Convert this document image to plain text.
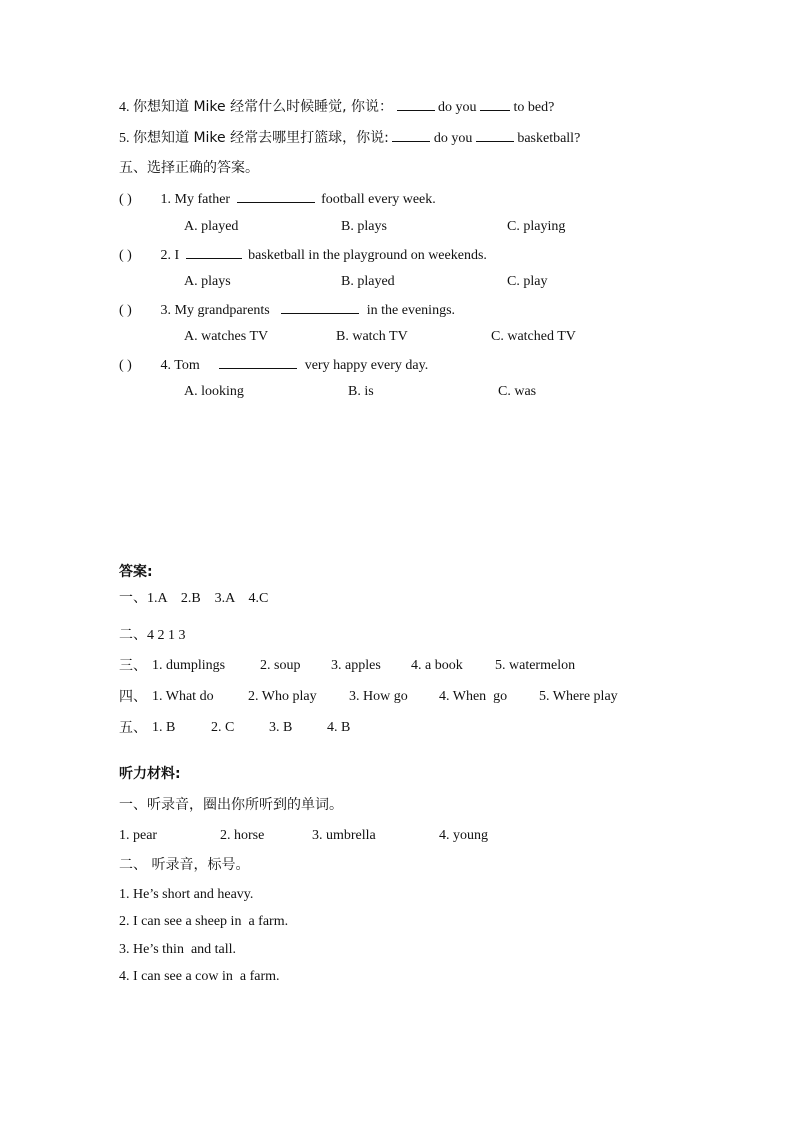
4. 你想知道 Mike 经常什么时候睡觉, 你说：	do you	to bed?
5. 你想知道 Mike 经常去哪里打篮球，你说:	do you	basketball?
五、选择正确的答案。
( ) 1. My father	football every week.
A. played	B. plays	C. playing
( ) 2. I	basketball in the playground on weekends.
A. plays	B. played	C. play
( ) 3. My grandparents	in the evenings.
A. watches TV	B. watch TV	C. watched TV
( ) 4. Tom	very happy every day.
A. looking	B. is	C. was
答案:
一、1.A    2.B    3.A    4.C
二、4 2 1 3
三、 1. dumplings 2. soup 3. apples 4. a book 5. watermelon
四、 1. What do 2. Who play 3. How go 4. When  go 5. Where play
五、 1. B	2. C 3. B 4. B
听力材料:
一、听录音，圈出你所听到的单词。
1. pear	2. horse	3. umbrella	4. young
二、 听录音，标号。
1. He’s short and heavy.
2. I can see a sheep in  a farm.
3. He’s thin  and tall.
4. I can see a cow in  a farm.
